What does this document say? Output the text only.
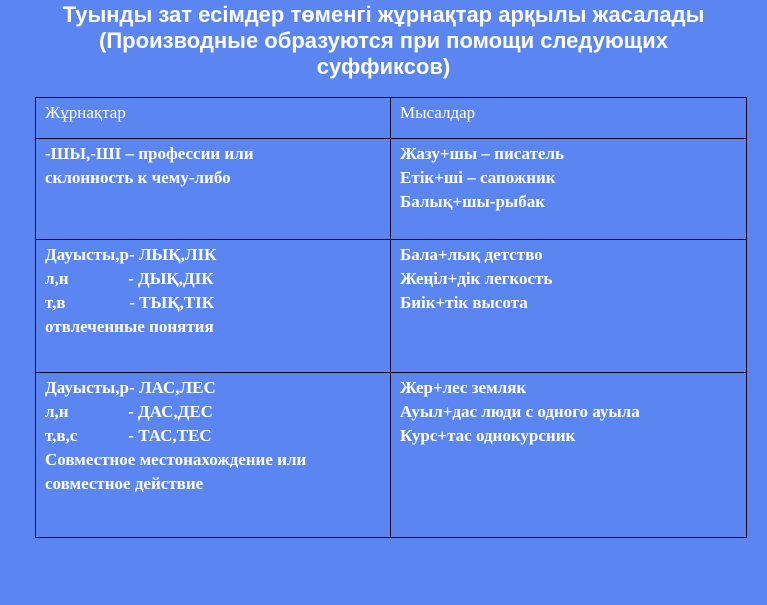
Туынды зат есімдер төменгі жұрнақтар арқылы жасалады
(Производные образуются при помощи следующих
суффиксов)
Жұрнақтар	Мысалдар

-ШЫ,-ШІ – профессии или
склонность к чему-либо	Жазу+шы – писатель
Етік+ші – сапожник
Балық+шы-рыбак

Дауысты,р- ЛЫҚ,ЛІК
л,н              - ДЫҚ,ДІК
т,в               - ТЫҚ,ТІК
отвлеченные понятия	Бала+лық детство
Жеңіл+дік легкость
Биік+тік высота

Дауысты,р- ЛАС,ЛЕС
л,н              - ДАС,ДЕС
т,в,с            - ТАС,ТЕС
Совместное местонахождение или
совместное действие	Жер+лес земляк
Ауыл+дас люди с одного ауыла
Курс+тас однокурсник
